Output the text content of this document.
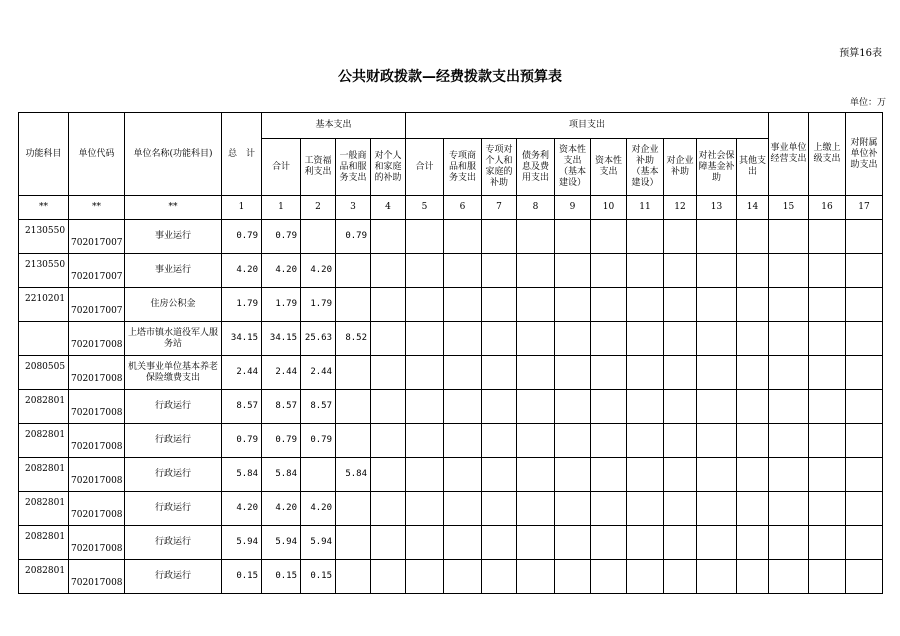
预算16表
公共财政拨款—经费拨款支出预算表
单位：万
功能科目	单位代码	单位名称(功能科目)	总　计	基本支出				项目支出										事业单位经营支出	上缴上级支出	对附属单位补助支出
				合计	工资福利支出	一般商品和服务支出	对个人和家庭的补助	合计	专项商品和服务支出	专项对个人和家庭的补助	债务利息及费用支出	资本性支出（基本建设）	资本性支出	对企业补助（基本建设）	对企业补助	对社会保障基金补助	其他支出			
**	**	**	1	1	2	3	4	5	6	7	8	9	10	11	12	13	14	15	16	17
2130550	702017007	事业运行	0.79	0.79		0.79														
2130550	702017007	事业运行	4.20	4.20	4.20															
2210201	702017007	住房公积金	1.79	1.79	1.79															
	702017008	上塔市镇水道役军人服务站	34.15	34.15	25.63	8.52														
2080505	702017008	机关事业单位基本养老保险缴费支出	2.44	2.44	2.44															
2082801	702017008	行政运行	8.57	8.57	8.57															
2082801	702017008	行政运行	0.79	0.79	0.79															
2082801	702017008	行政运行	5.84	5.84		5.84														
2082801	702017008	行政运行	4.20	4.20	4.20															
2082801	702017008	行政运行	5.94	5.94	5.94															
2082801	702017008	行政运行	0.15	0.15	0.15															
